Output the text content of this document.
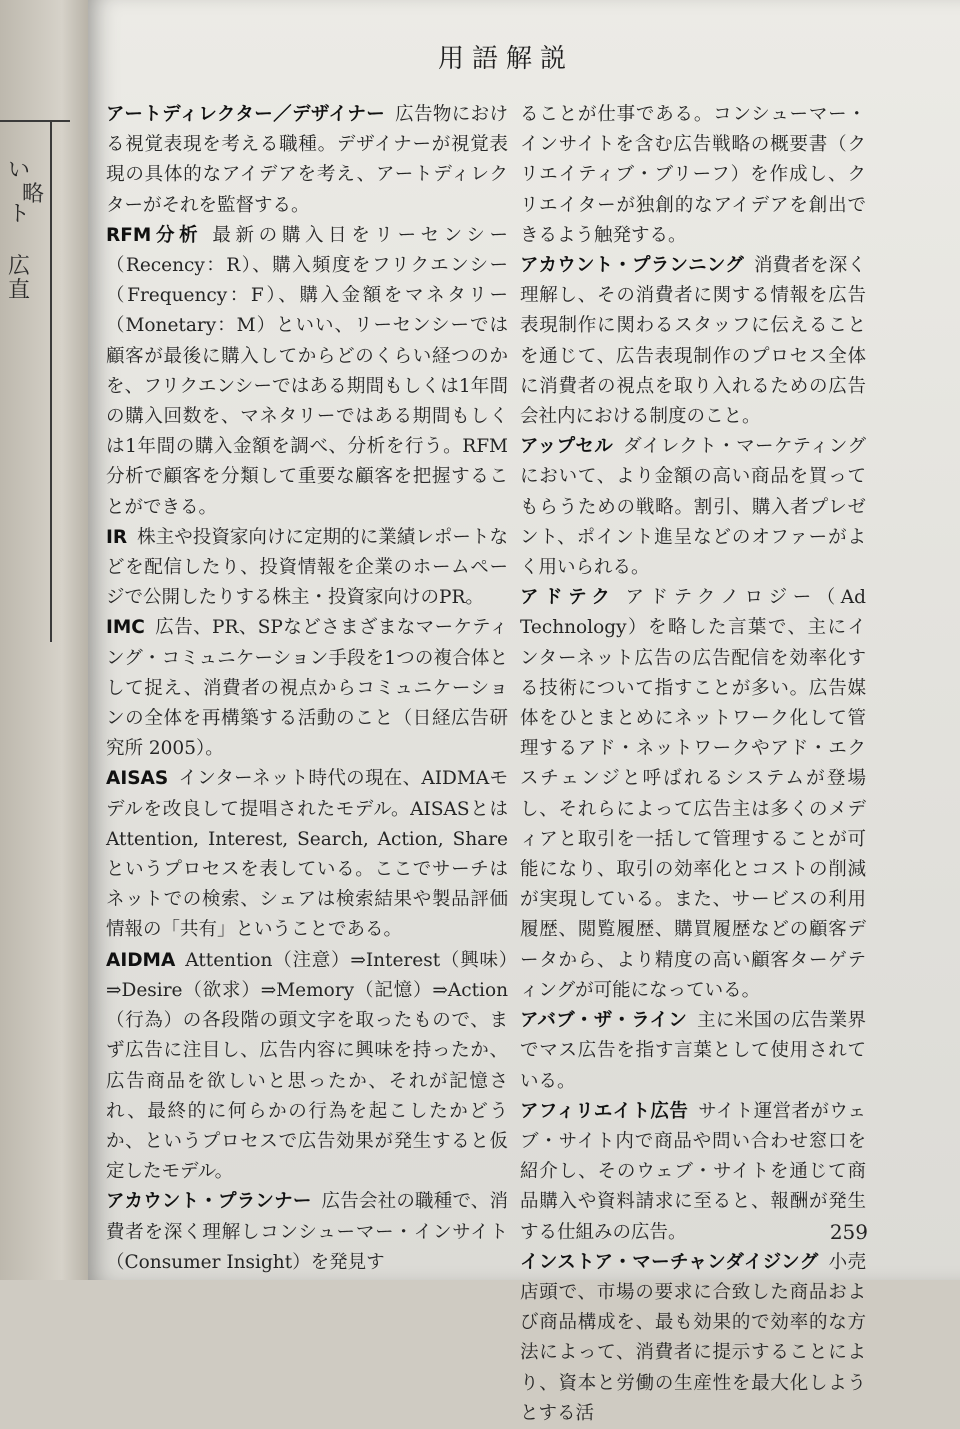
い
略
ト
広
直
用語解説

アートディレクター／デザイナー 広告物における視覚表現を考える職種。デザイナーが視覚表現の具体的なアイデアを考え、アートディレクターがそれを監督する。

RFM分析 最新の購入日をリーセンシー（Recency：R）、購入頻度をフリクエンシー（Frequency：F）、購入金額をマネタリー（Monetary：M）といい、リーセンシーでは顧客が最後に購入してからどのくらい経つのかを、フリクエンシーではある期間もしくは1年間の購入回数を、マネタリーではある期間もしくは1年間の購入金額を調べ、分析を行う。RFM分析で顧客を分類して重要な顧客を把握することができる。

IR 株主や投資家向けに定期的に業績レポートなどを配信したり、投資情報を企業のホームページで公開したりする株主・投資家向けのPR。

IMC 広告、PR、SPなどさまざまなマーケティング・コミュニケーション手段を1つの複合体として捉え、消費者の視点からコミュニケーションの全体を再構築する活動のこと（日経広告研究所 2005）。

AISAS インターネット時代の現在、AIDMAモデルを改良して提唱されたモデル。AISASとはAttention, Interest, Search, Action, Shareというプロセスを表している。ここでサーチはネットでの検索、シェアは検索結果や製品評価情報の「共有」ということである。

AIDMA Attention（注意）⇒Interest（興味）⇒Desire（欲求）⇒Memory（記憶）⇒Action（行為）の各段階の頭文字を取ったもので、まず広告に注目し、広告内容に興味を持ったか、広告商品を欲しいと思ったか、それが記憶され、最終的に何らかの行為を起こしたかどうか、というプロセスで広告効果が発生すると仮定したモデル。

アカウント・プランナー 広告会社の職種で、消費者を深く理解しコンシューマー・インサイト（Consumer Insight）を発見す

ることが仕事である。コンシューマー・インサイトを含む広告戦略の概要書（クリエイティブ・ブリーフ）を作成し、クリエイターが独創的なアイデアを創出できるよう触発する。

アカウント・プランニング 消費者を深く理解し、その消費者に関する情報を広告表現制作に関わるスタッフに伝えることを通じて、広告表現制作のプロセス全体に消費者の視点を取り入れるための広告会社内における制度のこと。

アップセル ダイレクト・マーケティングにおいて、より金額の高い商品を買ってもらうための戦略。割引、購入者プレゼント、ポイント進呈などのオファーがよく用いられる。

アドテク アドテクノロジー（Ad Technology）を略した言葉で、主にインターネット広告の広告配信を効率化する技術について指すことが多い。広告媒体をひとまとめにネットワーク化して管理するアド・ネットワークやアド・エクスチェンジと呼ばれるシステムが登場し、それらによって広告主は多くのメディアと取引を一括して管理することが可能になり、取引の効率化とコストの削減が実現している。また、サービスの利用履歴、閲覧履歴、購買履歴などの顧客データから、より精度の高い顧客ターゲティングが可能になっている。

アバブ・ザ・ライン 主に米国の広告業界でマス広告を指す言葉として使用されている。

アフィリエイト広告 サイト運営者がウェブ・サイト内で商品や問い合わせ窓口を紹介し、そのウェブ・サイトを通じて商品購入や資料請求に至ると、報酬が発生する仕組みの広告。

インストア・マーチャンダイジング 小売店頭で、市場の要求に合致した商品および商品構成を、最も効果的で効率的な方法によって、消費者に提示することにより、資本と労働の生産性を最大化しようとする活

259
